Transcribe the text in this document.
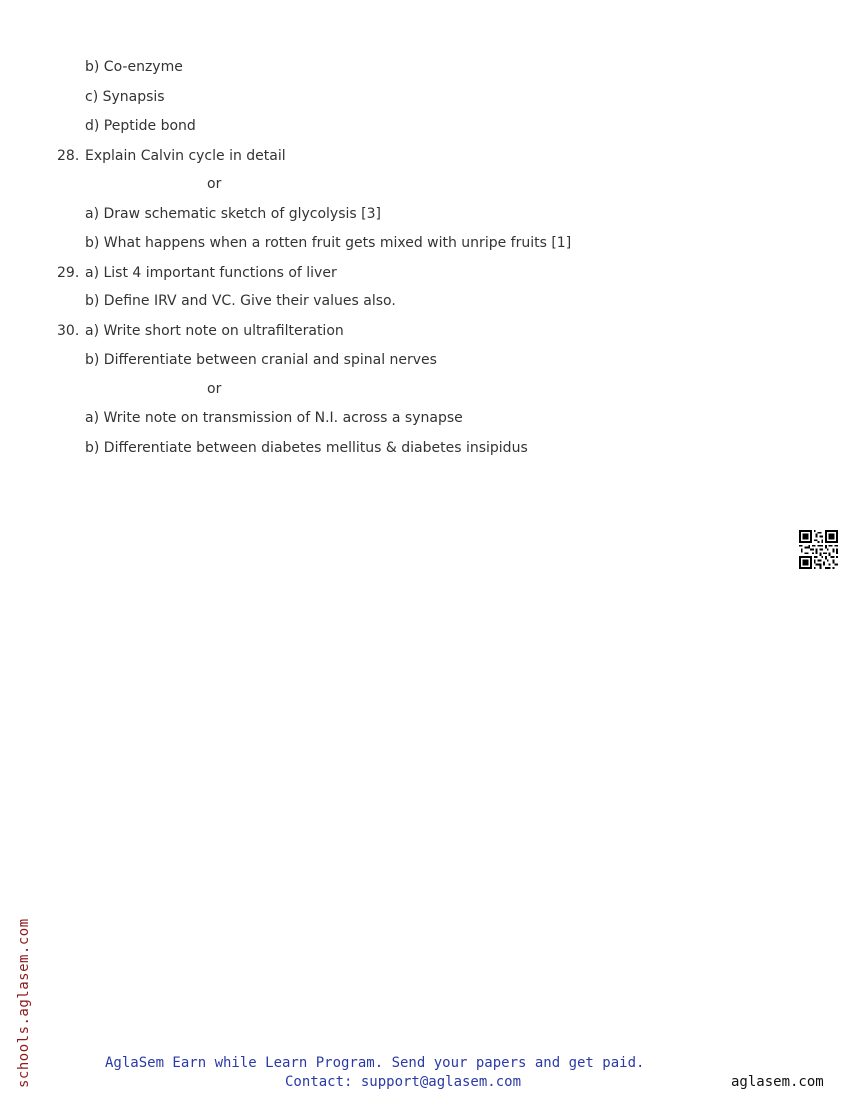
b) Co-enzyme
c) Synapsis
d) Peptide bond
28. Explain Calvin cycle in detail
or
a) Draw schematic sketch of glycolysis [3]
b) What happens when a rotten fruit gets mixed with unripe fruits [1]
29. a) List 4 important functions of liver
b) Define IRV and VC. Give their values also.
30. a) Write short note on ultrafilteration
b) Differentiate between cranial and spinal nerves
or
a) Write note on transmission of N.I. across a synapse
b) Differentiate between diabetes mellitus & diabetes insipidus
schools.aglasem.com	AglaSem Earn while Learn Program. Send your papers and get paid.
Contact: support@aglasem.com	aglasem.com
